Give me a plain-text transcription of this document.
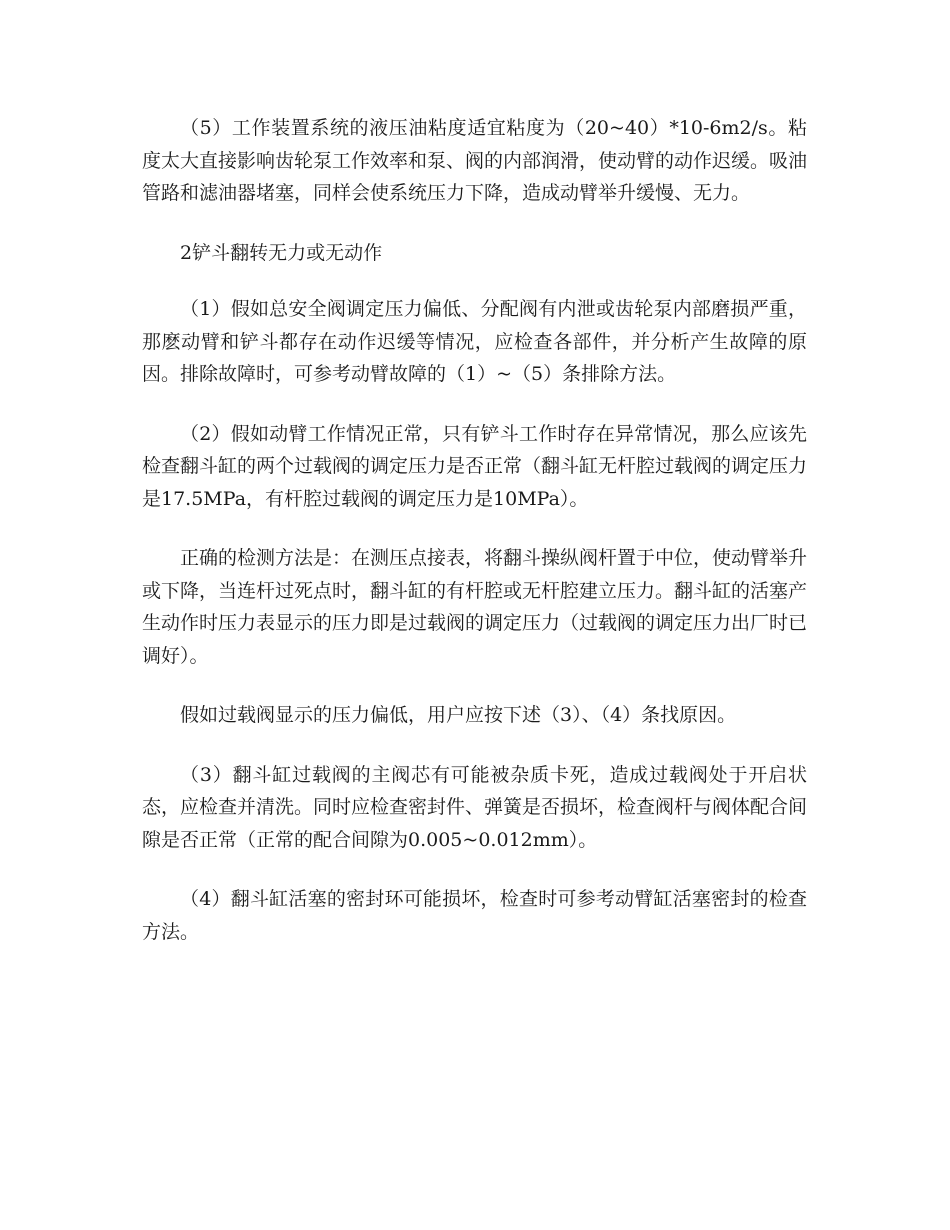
（5）工作装置系统的液压油粘度适宜粘度为（20~40）*10-6m2/s。粘度太大直接影响齿轮泵工作效率和泵、阀的内部润滑，使动臂的动作迟缓。吸油管路和滤油器堵塞，同样会使系统压力下降，造成动臂举升缓慢、无力。

2铲斗翻转无力或无动作

（1）假如总安全阀调定压力偏低、分配阀有内泄或齿轮泵内部磨损严重，那麽动臂和铲斗都存在动作迟缓等情况，应检查各部件，并分析产生故障的原因。排除故障时，可参考动臂故障的（1）~（5）条排除方法。

（2）假如动臂工作情况正常，只有铲斗工作时存在异常情况，那么应该先检查翻斗缸的两个过载阀的调定压力是否正常（翻斗缸无杆腔过载阀的调定压力是17.5MPa，有杆腔过载阀的调定压力是10MPa）。

正确的检测方法是：在测压点接表，将翻斗操纵阀杆置于中位，使动臂举升或下降，当连杆过死点时，翻斗缸的有杆腔或无杆腔建立压力。翻斗缸的活塞产生动作时压力表显示的压力即是过载阀的调定压力（过载阀的调定压力出厂时已调好）。

假如过载阀显示的压力偏低，用户应按下述（3）、（4）条找原因。

（3）翻斗缸过载阀的主阀芯有可能被杂质卡死，造成过载阀处于开启状态，应检查并清洗。同时应检查密封件、弹簧是否损坏，检查阀杆与阀体配合间隙是否正常（正常的配合间隙为0.005~0.012mm）。

（4）翻斗缸活塞的密封环可能损坏，检查时可参考动臂缸活塞密封的检查方法。
